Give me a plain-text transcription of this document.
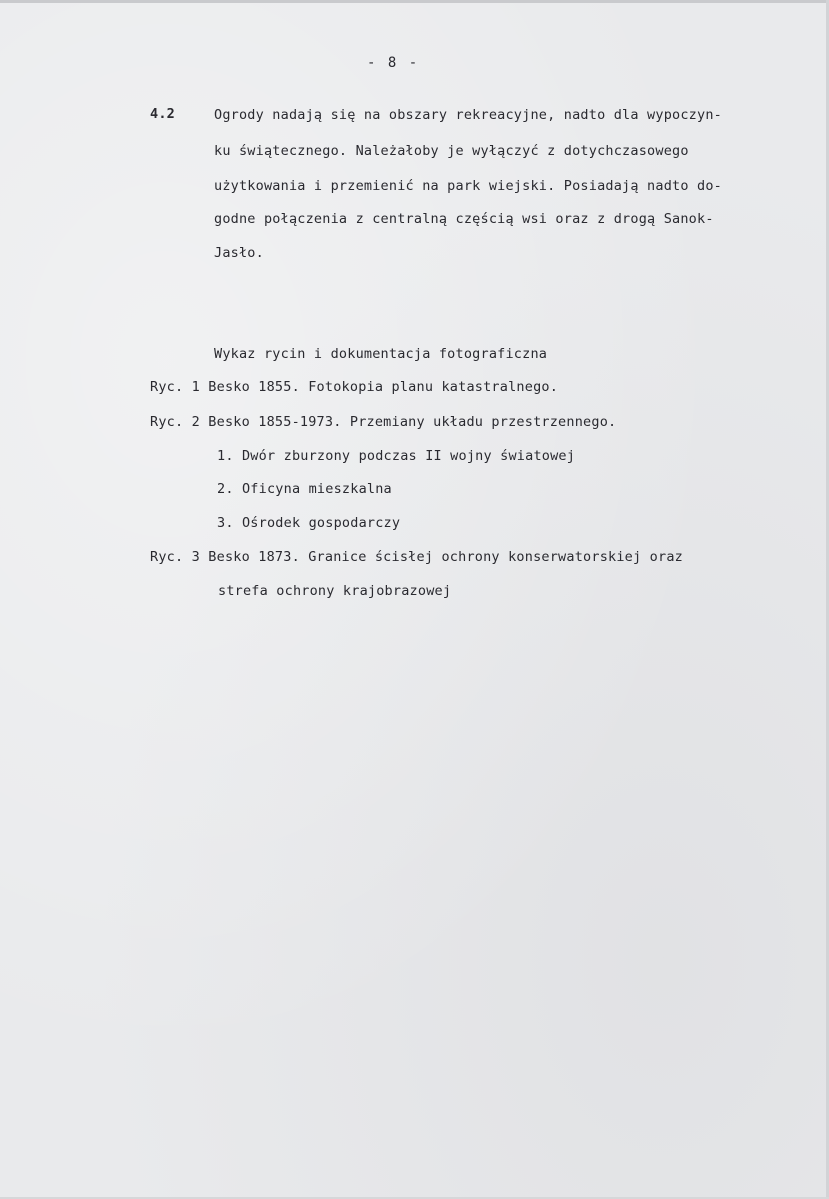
- 8 -
4.2	Ogrody nadają się na obszary rekreacyjne, nadto dla wypoczyn-
ku świątecznego. Należałoby je wyłączyć z dotychczasowego
użytkowania i przemienić na park wiejski. Posiadają nadto do-
godne połączenia z centralną częścią wsi oraz z drogą Sanok-
Jasło.
Wykaz rycin i dokumentacja fotograficzna
Ryc. 1 Besko 1855. Fotokopia planu katastralnego.
Ryc. 2 Besko 1855-1973. Przemiany układu przestrzennego.
1. Dwór zburzony podczas II wojny światowej
2. Oficyna mieszkalna
3. Ośrodek gospodarczy
Ryc. 3 Besko 1873. Granice ścisłej ochrony konserwatorskiej oraz
strefa ochrony krajobrazowej
